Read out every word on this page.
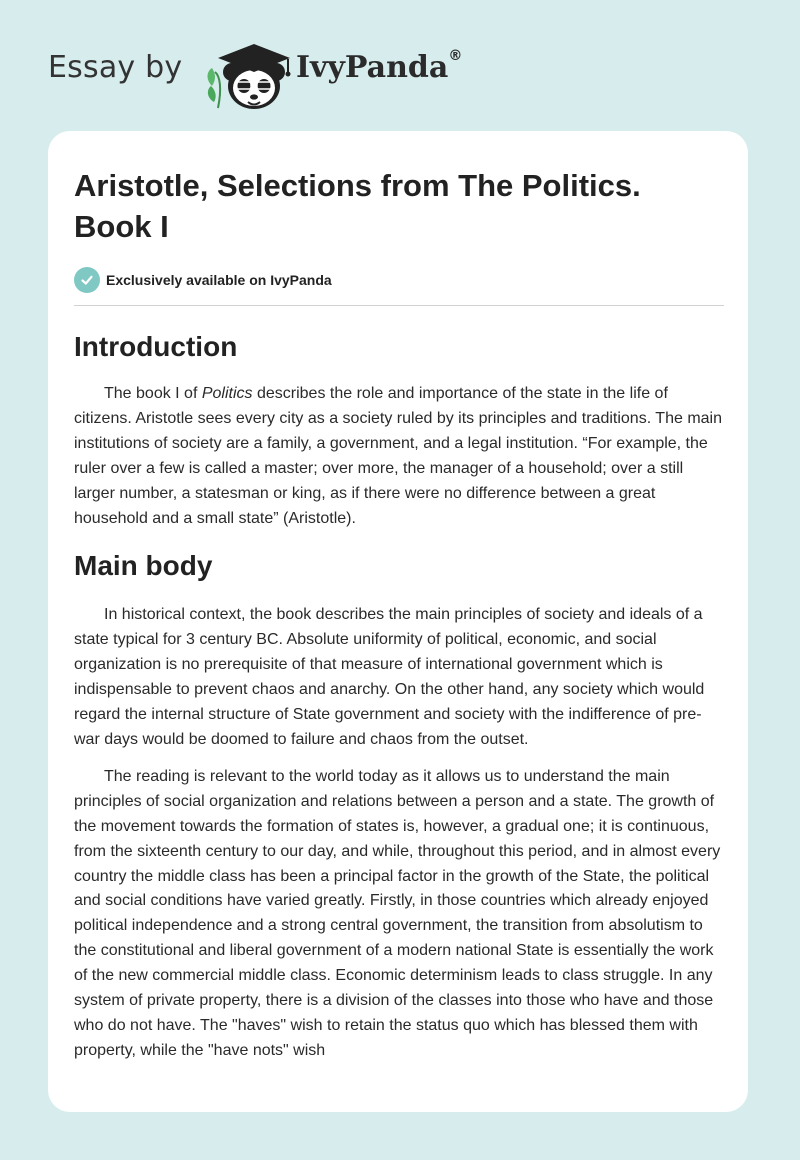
Essay by	IvyPanda®
Aristotle, Selections from The Politics. Book I
Exclusively available on IvyPanda
Introduction

The book I of Politics describes the role and importance of the state in the life of citizens. Aristotle sees every city as a society ruled by its principles and traditions. The main institutions of society are a family, a government, and a legal institution. “For example, the ruler over a few is called a master; over more, the manager of a household; over a still larger number, a statesman or king, as if there were no difference between a great household and a small state” (Aristotle).

Main body

In historical context, the book describes the main principles of society and ideals of a state typical for 3 century BC. Absolute uniformity of political, economic, and social organization is no prerequisite of that measure of international government which is indispensable to prevent chaos and anarchy. On the other hand, any society which would regard the internal structure of State government and society with the indifference of pre-war days would be doomed to failure and chaos from the outset.

The reading is relevant to the world today as it allows us to understand the main principles of social organization and relations between a person and a state. The growth of the movement towards the formation of states is, however, a gradual one; it is continuous, from the sixteenth century to our day, and while, throughout this period, and in almost every country the middle class has been a principal factor in the growth of the State, the political and social conditions have varied greatly. Firstly, in those countries which already enjoyed political independence and a strong central government, the transition from absolutism to the constitutional and liberal government of a modern national State is essentially the work of the new commercial middle class. Economic determinism leads to class struggle. In any system of private property, there is a division of the classes into those who have and those who do not have. The "haves" wish to retain the status quo which has blessed them with property, while the "have nots" wish
